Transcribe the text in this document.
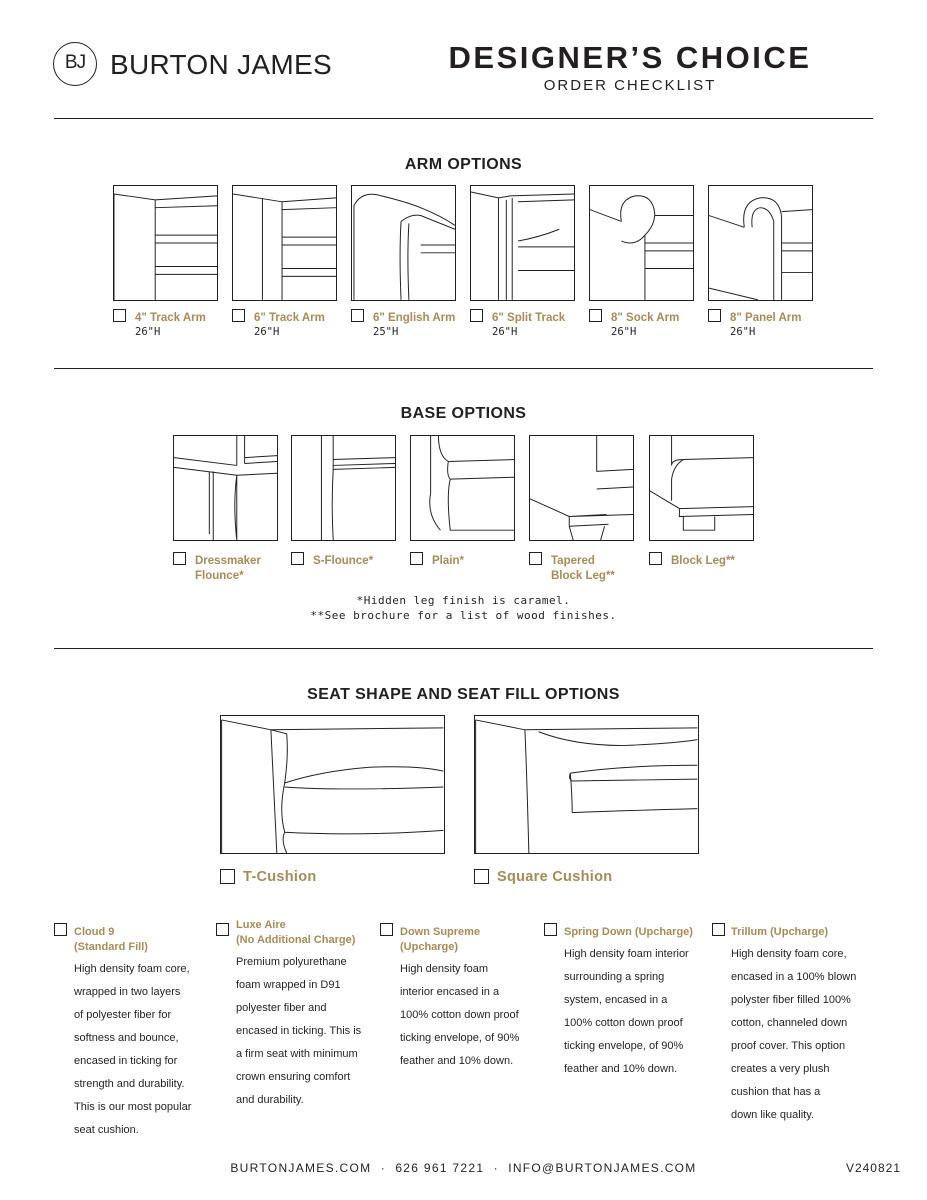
BJ BURTON JAMES	DESIGNER’S CHOICE
ORDER CHECKLIST
ARM OPTIONS
4" Track Arm
26"H
6" Track Arm
26"H
6" English Arm
25"H
6" Split Track
26"H
8" Sock Arm
26"H
8" Panel Arm
26"H
BASE OPTIONS
Dressmaker
Flounce*
S-Flounce*	Plain*	Tapered
Block Leg**
Block Leg**
*Hidden leg finish is caramel.
**See brochure for a list of wood finishes.
SEAT SHAPE AND SEAT FILL OPTIONS
T-Cushion	Square Cushion
Cloud 9
(Standard Fill)
High density foam core,
wrapped in two layers
of polyester fiber for
softness and bounce,
encased in ticking for
strength and durability.
This is our most popular
seat cushion.
Luxe Aire
(No Additional Charge)
Premium polyurethane
foam wrapped in D91
polyester fiber and
encased in ticking. This is
a firm seat with minimum
crown ensuring comfort
and durability.
Down Supreme
(Upcharge)
High density foam
interior encased in a
100% cotton down proof
ticking envelope, of 90%
feather and 10% down.
Spring Down (Upcharge)
High density foam interior
surrounding a spring
system, encased in a
100% cotton down proof
ticking envelope, of 90%
feather and 10% down.
Trillum (Upcharge)
High density foam core,
encased in a 100% blown
polyster fiber filled 100%
cotton, channeled down
proof cover. This option
creates a very plush
cushion that has a
down like quality.
BURTONJAMES.COM · 626 961 7221 · INFO@BURTONJAMES.COM	V240821
